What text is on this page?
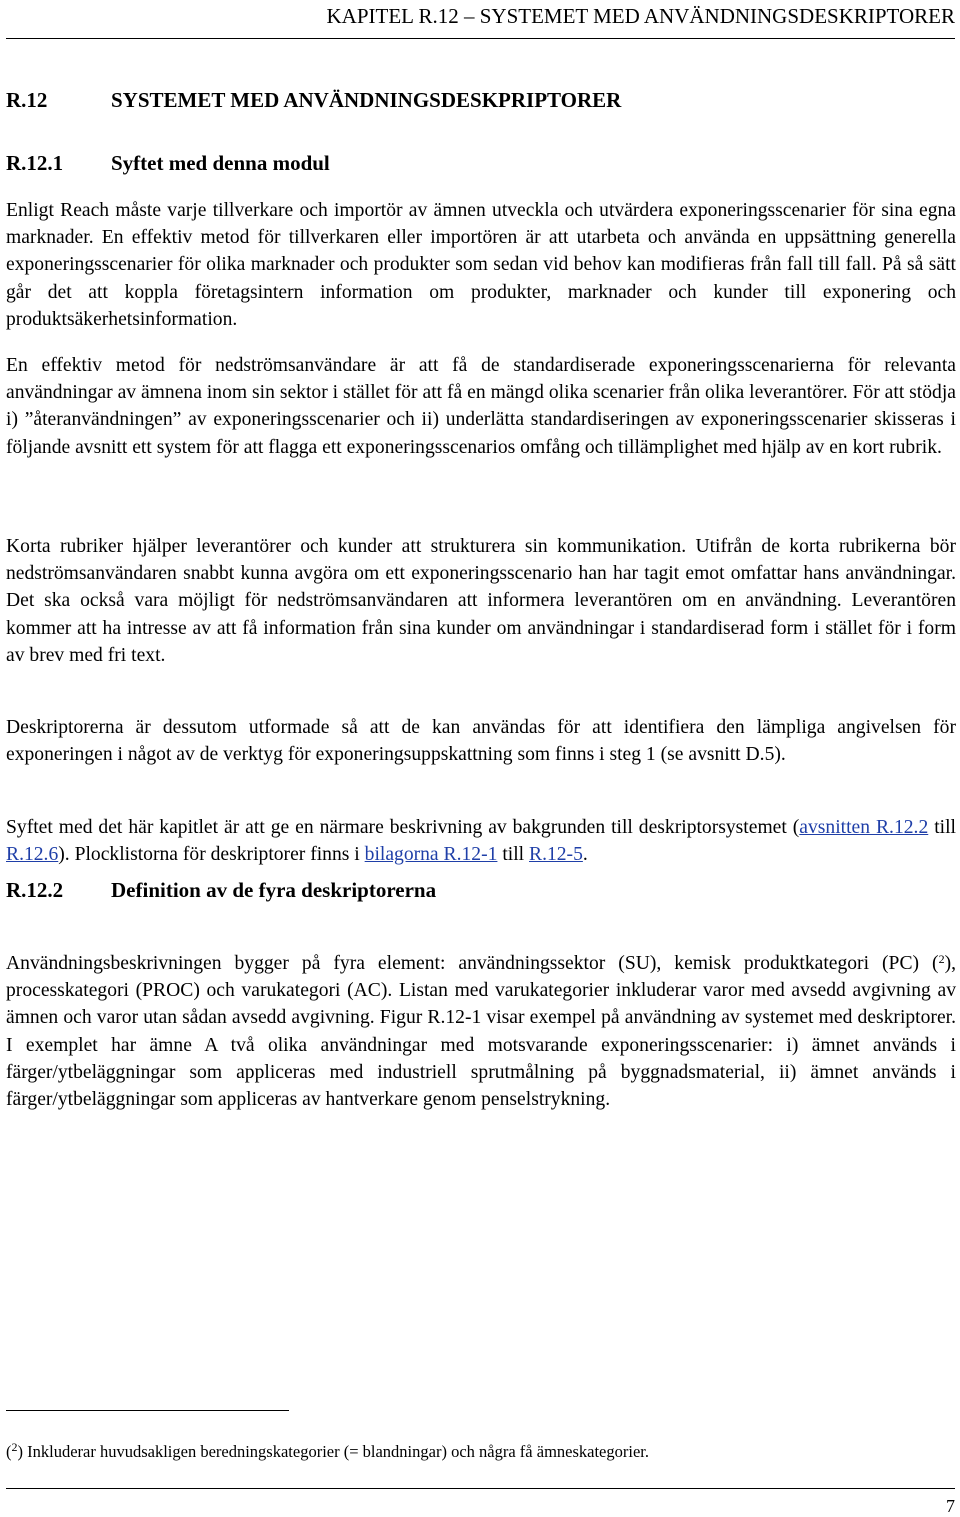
KAPITEL R.12 – SYSTEMET MED ANVÄNDNINGSDESKRIPTORER
R.12	SYSTEMET MED ANVÄNDNINGSDESKPRIPTORER
R.12.1 Syftet med denna modul

Enligt Reach måste varje tillverkare och importör av ämnen utveckla och utvärdera exponeringsscenarier för sina egna marknader. En effektiv metod för tillverkaren eller importören är att utarbeta och använda en uppsättning generella exponeringsscenarier för olika marknader och produkter som sedan vid behov kan modifieras från fall till fall. På så sätt går det att koppla företagsintern information om produkter, marknader och kunder till exponering och produktsäkerhetsinformation.

En effektiv metod för nedströmsanvändare är att få de standardiserade exponeringsscenarierna för relevanta användningar av ämnena inom sin sektor i stället för att få en mängd olika scenarier från olika leverantörer. För att stödja i) ”återanvändningen” av exponeringsscenarier och ii) underlätta standardiseringen av exponeringsscenarier skisseras i följande avsnitt ett system för att flagga ett exponeringsscenarios omfång och tillämplighet med hjälp av en kort rubrik.

Korta rubriker hjälper leverantörer och kunder att strukturera sin kommunikation. Utifrån de korta rubrikerna bör nedströmsanvändaren snabbt kunna avgöra om ett exponeringsscenario han har tagit emot omfattar hans användningar. Det ska också vara möjligt för nedströmsanvändaren att informera leverantören om en användning. Leverantören kommer att ha intresse av att få information från sina kunder om användningar i standardiserad form i stället för i form av brev med fri text.

Deskriptorerna är dessutom utformade så att de kan användas för att identifiera den lämpliga angivelsen för exponeringen i något av de verktyg för exponeringsuppskattning som finns i steg 1 (se avsnitt D.5).

Syftet med det här kapitlet är att ge en närmare beskrivning av bakgrunden till deskriptorsystemet (avsnitten R.12.2 till R.12.6). Plocklistorna för deskriptorer finns i bilagorna R.12-1 till R.12-5.

R.12.2 Definition av de fyra deskriptorerna

Användningsbeskrivningen bygger på fyra element: användningssektor (SU), kemisk produktkategori (PC) ($^2$), processkategori (PROC) och varukategori (AC). Listan med varukategorier inkluderar varor med avsedd avgivning av ämnen och varor utan sådan avsedd avgivning. Figur R.12-1 visar exempel på användning av systemet med deskriptorer. I exemplet har ämne A två olika användningar med motsvarande exponeringsscenarier: i) ämnet används i färger/ytbeläggningar som appliceras med industriell sprutmålning på byggnadsmaterial, ii) ämnet används i färger/ytbeläggningar som appliceras av hantverkare genom penselstrykning.

($^2$) Inkluderar huvudsakligen beredningskategorier (= blandningar) och några få ämneskategorier.
7
